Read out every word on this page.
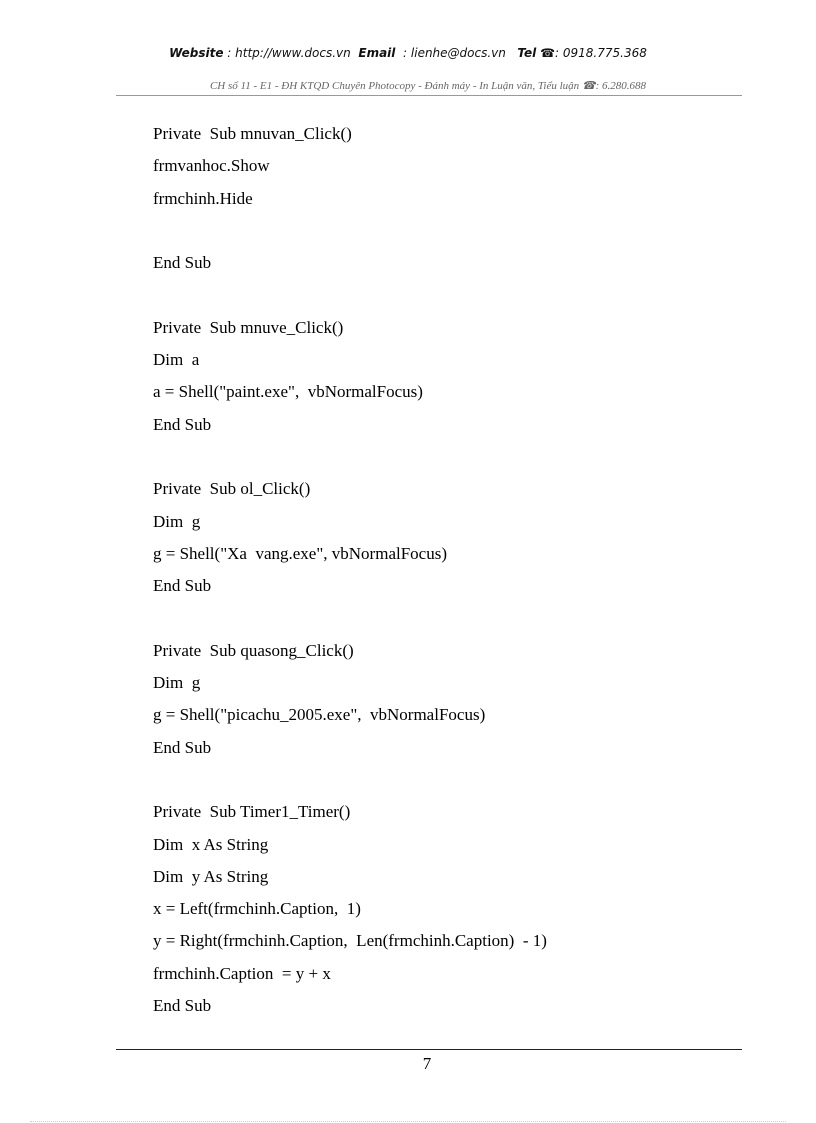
Website : http://www.docs.vn Email : lienhe@docs.vn Tel ☎: 0918.775.368
CH số 11 - E1 - ĐH KTQD Chuyên Photocopy - Đánh máy - In Luận văn, Tiểu luận ☎: 6.280.688
Private  Sub mnuvan_Click()
frmvanhoc.Show
frmchinh.Hide
End Sub
Private  Sub mnuve_Click()
Dim  a
a = Shell("paint.exe",  vbNormalFocus)
End Sub
Private  Sub ol_Click()
Dim  g
g = Shell("Xa  vang.exe", vbNormalFocus)
End Sub
Private  Sub quasong_Click()
Dim  g
g = Shell("picachu_2005.exe",  vbNormalFocus)
End Sub
Private  Sub Timer1_Timer()
Dim  x As String
Dim  y As String
x = Left(frmchinh.Caption,  1)
y = Right(frmchinh.Caption,  Len(frmchinh.Caption)  - 1)
frmchinh.Caption  = y + x
End Sub
7
